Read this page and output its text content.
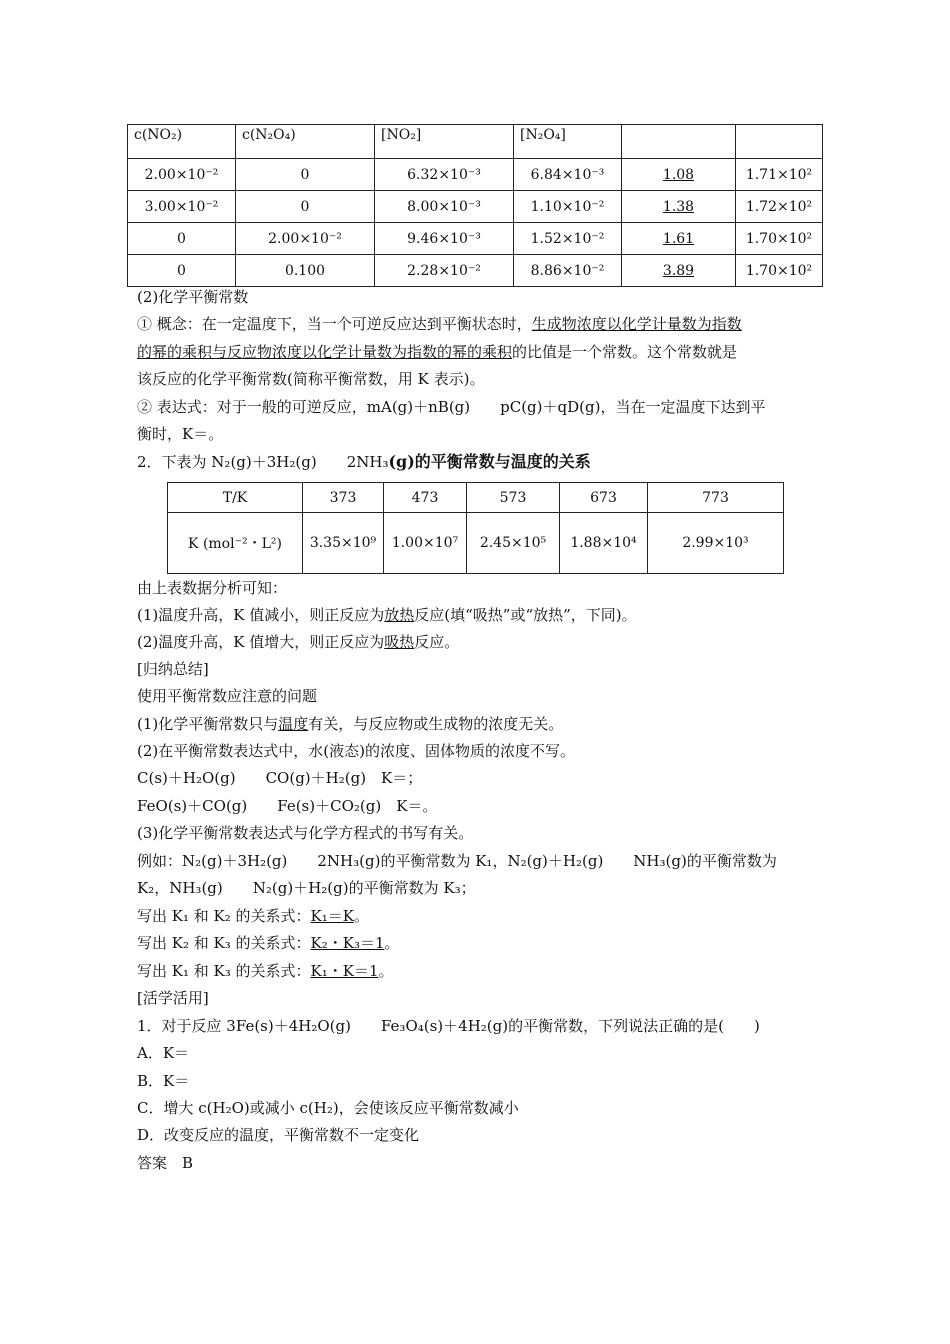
c(NO₂)	c(N₂O₄)	[NO₂]	[N₂O₄]		
2.00×10⁻²	0	6.32×10⁻³	6.84×10⁻³	1.08	1.71×10²
3.00×10⁻²	0	8.00×10⁻³	1.10×10⁻²	1.38	1.72×10²
0	2.00×10⁻²	9.46×10⁻³	1.52×10⁻²	1.61	1.70×10²
0	0.100	2.28×10⁻²	8.86×10⁻²	3.89	1.70×10²
(2)化学平衡常数
① 概念：在一定温度下，当一个可逆反应达到平衡状态时，生成物浓度以化学计量数为指数
的幂的乘积与反应物浓度以化学计量数为指数的幂的乘积的比值是一个常数。这个常数就是
该反应的化学平衡常数(简称平衡常数，用 K 表示)。
② 表达式：对于一般的可逆反应，mA(g)＋nB(g)　　pC(g)＋qD(g)，当在一定温度下达到平
衡时，K＝。
2．下表为 N₂(g)＋3H₂(g)　　2NH₃(g)的平衡常数与温度的关系
T/K	373	473	573	673	773
K (mol⁻²・L²)	3.35×10⁹	1.00×10⁷	2.45×10⁵	1.88×10⁴	2.99×10³
由上表数据分析可知：
(1)温度升高，K 值减小，则正反应为放热反应(填“吸热”或“放热”，下同)。
(2)温度升高，K 值增大，则正反应为吸热反应。
[归纳总结]
使用平衡常数应注意的问题
(1)化学平衡常数只与温度有关，与反应物或生成物的浓度无关。
(2)在平衡常数表达式中，水(液态)的浓度、固体物质的浓度不写。
C(s)＋H₂O(g)　　CO(g)＋H₂(g)　K＝；
FeO(s)＋CO(g)　　Fe(s)＋CO₂(g)　K＝。
(3)化学平衡常数表达式与化学方程式的书写有关。
例如：N₂(g)＋3H₂(g)　　2NH₃(g)的平衡常数为 K₁，N₂(g)＋H₂(g)　　NH₃(g)的平衡常数为
K₂，NH₃(g)　　N₂(g)＋H₂(g)的平衡常数为 K₃；
写出 K₁ 和 K₂ 的关系式：K₁＝K。
写出 K₂ 和 K₃ 的关系式：K₂・K₃＝1。
写出 K₁ 和 K₃ 的关系式：K₁・K＝1。
[活学活用]
1．对于反应 3Fe(s)＋4H₂O(g)　　Fe₃O₄(s)＋4H₂(g)的平衡常数，下列说法正确的是(　　)
A．K＝
B．K＝
C．增大 c(H₂O)或减小 c(H₂)，会使该反应平衡常数减小
D．改变反应的温度，平衡常数不一定变化
答案　B
